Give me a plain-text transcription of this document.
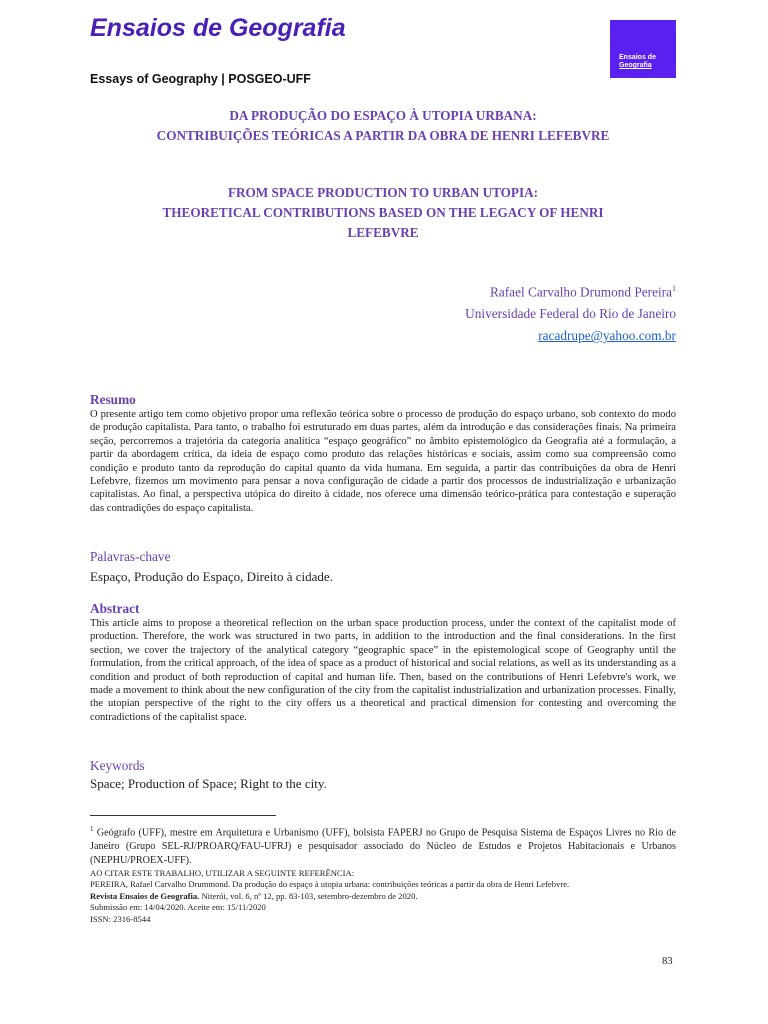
Ensaios de Geografia
Essays of Geography | POSGEO-UFF
Ensaios de
Geografia
DA PRODUÇÃO DO ESPAÇO À UTOPIA URBANA:
CONTRIBUIÇÕES TEÓRICAS A PARTIR DA OBRA DE HENRI LEFEBVRE
FROM SPACE PRODUCTION TO URBAN UTOPIA:
THEORETICAL CONTRIBUTIONS BASED ON THE LEGACY OF HENRI
LEFEBVRE
Rafael Carvalho Drumond Pereira$^1$
Universidade Federal do Rio de Janeiro
racadrupe@yahoo.com.br
Resumo
O presente artigo tem como objetivo propor uma reflexão teórica sobre o processo de produção do espaço urbano, sob contexto do modo de produção capitalista. Para tanto, o trabalho foi estruturado em duas partes, além da introdução e das considerações finais. Na primeira seção, percorremos a trajetória da categoria analítica “espaço geográfico” no âmbito epistemológico da Geografia até a formulação, a partir da abordagem crítica, da ideia de espaço como produto das relações históricas e sociais, assim como sua compreensão como condição e produto tanto da reprodução do capital quanto da vida humana. Em seguida, a partir das contribuições da obra de Henri Lefebvre, fizemos um movimento para pensar a nova configuração de cidade a partir dos processos de industrialização e urbanização capitalistas. Ao final, a perspectiva utópica do direito à cidade, nos oferece uma dimensão teórico-prática para contestação e superação das contradições do espaço capitalista.
Palavras-chave
Espaço, Produção do Espaço, Direito à cidade.
Abstract
This article aims to propose a theoretical reflection on the urban space production process, under the context of the capitalist mode of production. Therefore, the work was structured in two parts, in addition to the introduction and the final considerations. In the first section, we cover the trajectory of the analytical category “geographic space” in the epistemological scope of Geography until the formulation, from the critical approach, of the idea of space as a product of historical and social relations, as well as its understanding as a condition and product of both reproduction of capital and human life. Then, based on the contributions of Henri Lefebvre's work, we made a movement to think about the new configuration of the city from the capitalist industrialization and urbanization processes. Finally, the utopian perspective of the right to the city offers us a theoretical and practical dimension for contesting and overcoming the contradictions of the capitalist space.
Keywords
Space; Production of Space; Right to the city.
$^1$ Geógrafo (UFF), mestre em Arquitetura e Urbanismo (UFF), bolsista FAPERJ no Grupo de Pesquisa Sistema de Espaços Livres no Rio de Janeiro (Grupo SEL-RJ/PROARQ/FAU-UFRJ) e pesquisador associado do Núcleo de Estudos e Projetos Habitacionais e Urbanos (NEPHU/PROEX-UFF).
AO CITAR ESTE TRABALHO, UTILIZAR A SEGUINTE REFERÊNCIA:
PEREIRA, Rafael Carvalho Drummond. Da produção do espaço à utopia urbana: contribuições teóricas a partir da obra de Henri Lefebvre.
Revista Ensaios de Geografia. Niterói, vol. 6, nº 12, pp. 83-103, setembro-dezembro de 2020.
Submissão em: 14/04/2020. Aceite em: 15/11/2020
ISSN: 2316-8544
83
